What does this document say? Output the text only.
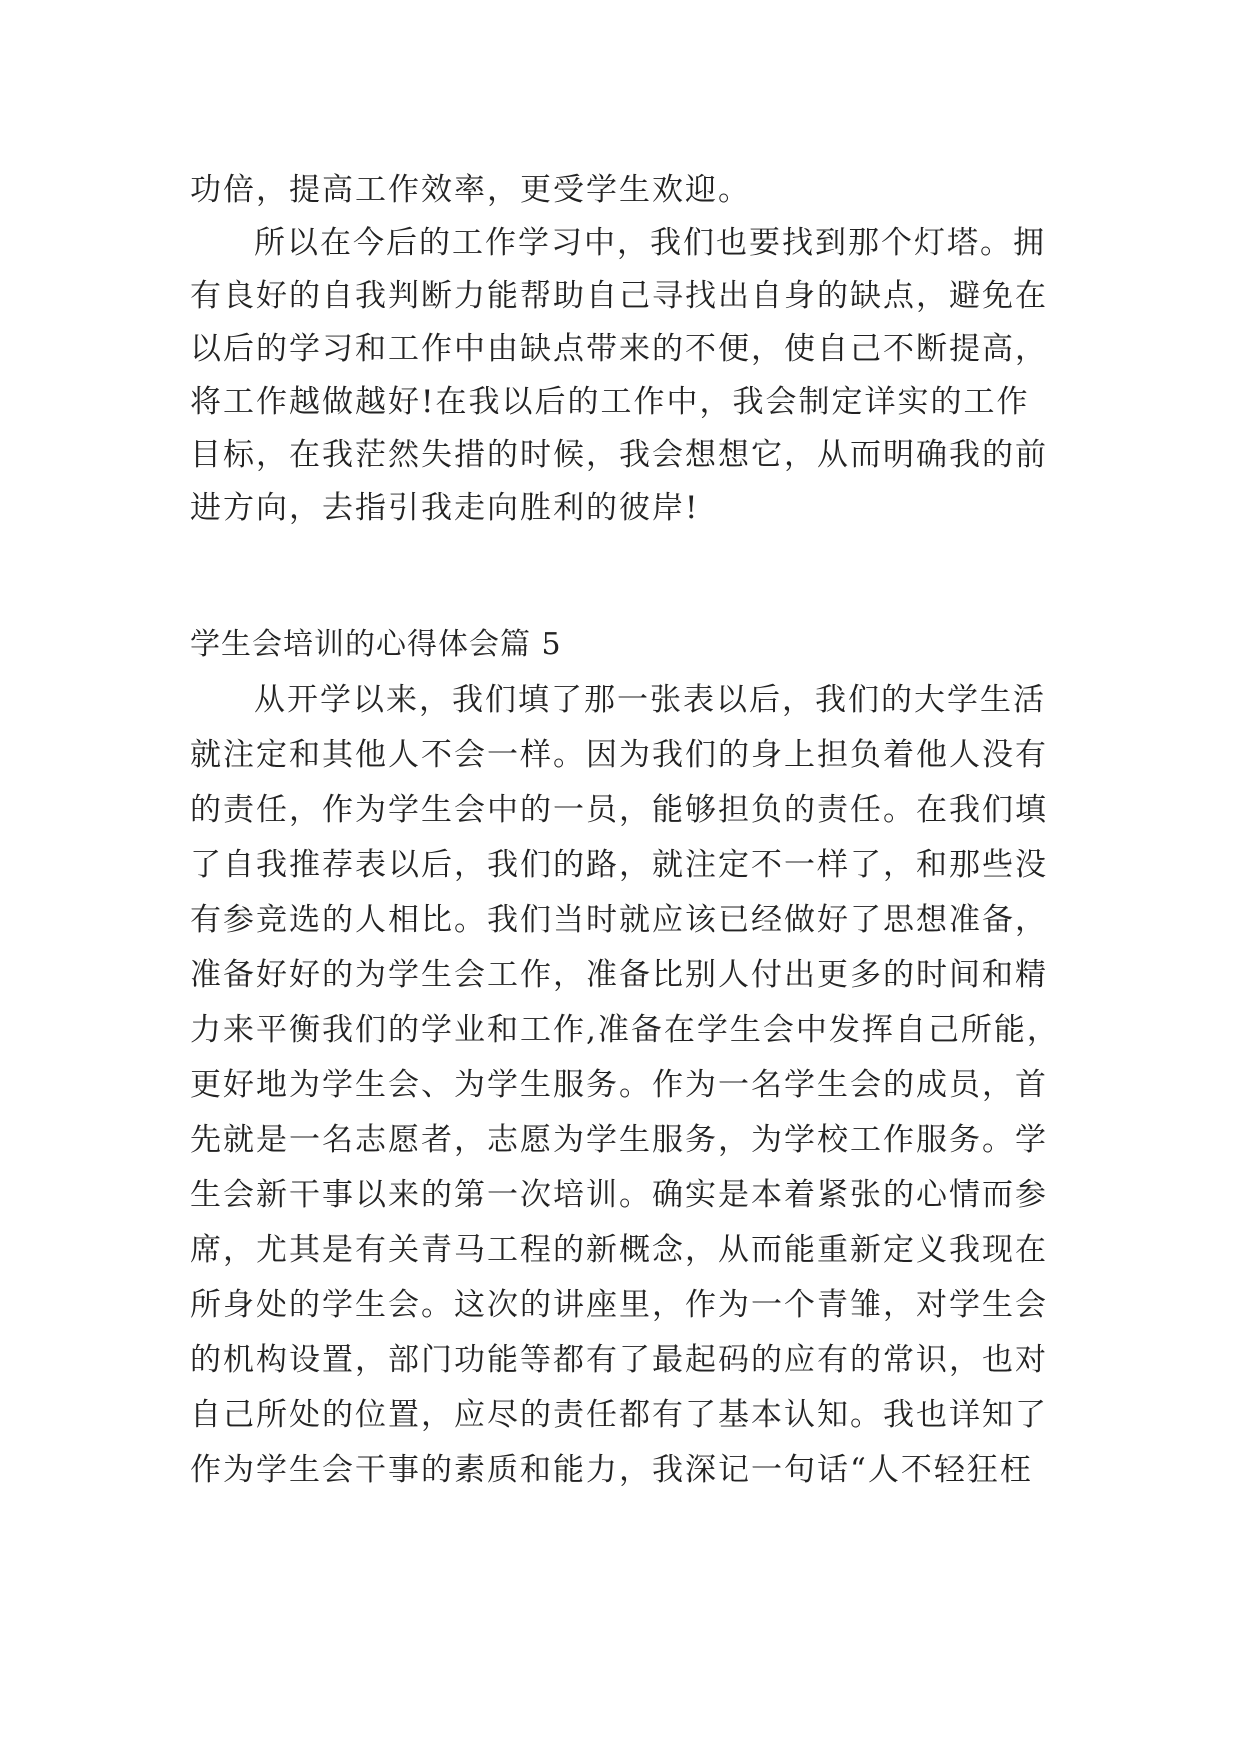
功倍，提高工作效率，更受学生欢迎。
所以在今后的工作学习中，我们也要找到那个灯塔。拥
有良好的自我判断力能帮助自己寻找出自身的缺点，避免在
以后的学习和工作中由缺点带来的不便，使自己不断提高，
将工作越做越好!在我以后的工作中，我会制定详实的工作
目标，在我茫然失措的时候，我会想想它，从而明确我的前
进方向，去指引我走向胜利的彼岸!
学生会培训的心得体会篇 5
从开学以来，我们填了那一张表以后，我们的大学生活
就注定和其他人不会一样。因为我们的身上担负着他人没有
的责任，作为学生会中的一员，能够担负的责任。在我们填
了自我推荐表以后，我们的路，就注定不一样了，和那些没
有参竞选的人相比。我们当时就应该已经做好了思想准备，
准备好好的为学生会工作，准备比别人付出更多的时间和精
力来平衡我们的学业和工作,准备在学生会中发挥自己所能，
更好地为学生会、为学生服务。作为一名学生会的成员，首
先就是一名志愿者，志愿为学生服务，为学校工作服务。学
生会新干事以来的第一次培训。确实是本着紧张的心情而参
席，尤其是有关青马工程的新概念，从而能重新定义我现在
所身处的学生会。这次的讲座里，作为一个青雏，对学生会
的机构设置，部门功能等都有了最起码的应有的常识，也对
自己所处的位置，应尽的责任都有了基本认知。我也详知了
作为学生会干事的素质和能力，我深记一句话“人不轻狂枉
